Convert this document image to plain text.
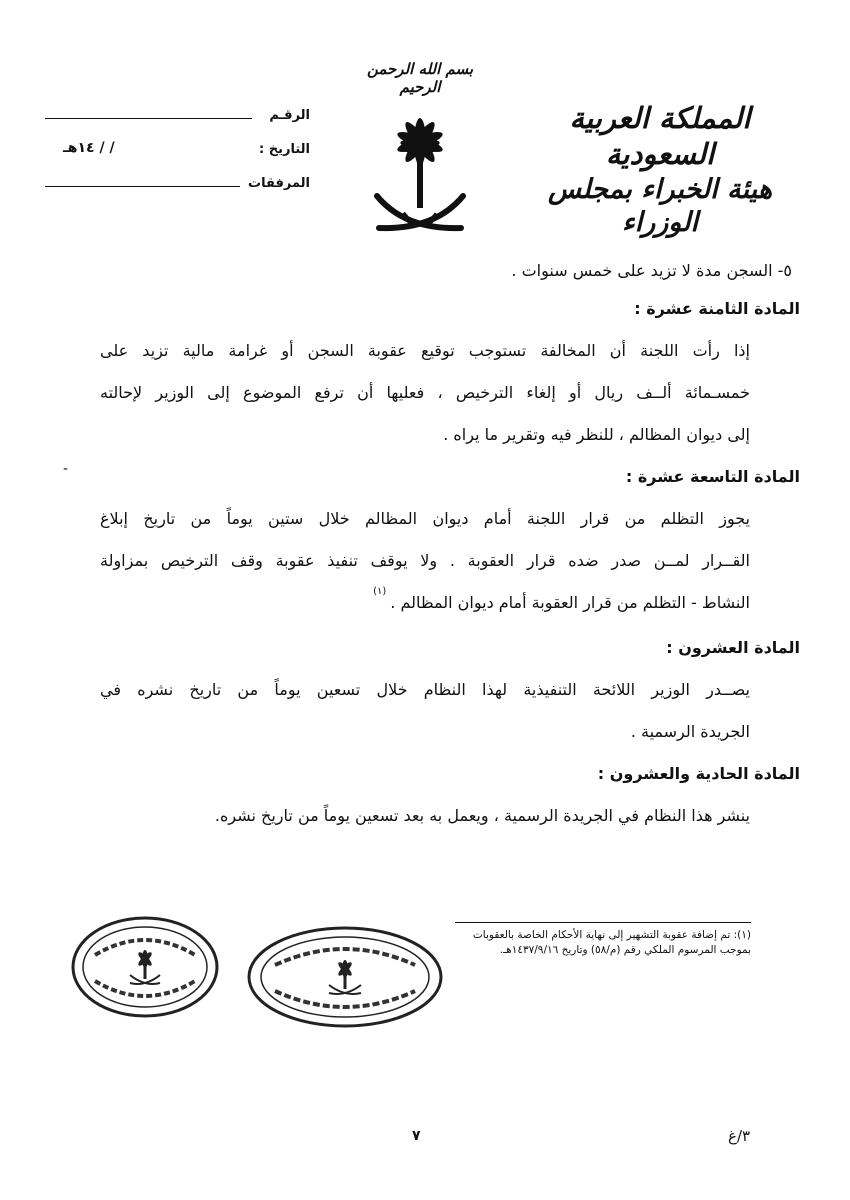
المملكة العربية السعودية
هيئة الخبراء بمجلس الوزراء
بسم الله الرحمن الرحيم
الرقـم
التاريخ :
/ / ١٤هـ
المرفقات
٥- السجن مدة لا تزيد على خمس سنوات .
المادة الثامنة عشرة :
إذا رأت اللجنة أن المخالفة تستوجب توقيع عقوبة السجن أو غرامة مالية تزيد على
خمسـمائة ألــف ريال أو إلغاء الترخيص ، فعليها أن ترفع الموضوع إلى الوزير لإحالته
إلى ديوان المظالم ، للنظر فيه وتقرير ما يراه .
المادة التاسعة عشرة :
يجوز التظلم من قرار اللجنة أمام ديوان المظالم خلال ستين يوماً من تاريخ إبلاغ
القــرار لمــن صدر ضده قرار العقوبة . ولا يوقف تنفيذ عقوبة وقف الترخيص بمزاولة
النشاط - التظلم من قرار العقوبة أمام ديوان المظالم .$^{(١)}$
المادة العشرون :
يصــدر الوزير اللائحة التنفيذية لهذا النظام خلال تسعين يوماً من تاريخ نشره في
الجريدة الرسمية .
المادة الحادية والعشرون :
ينشر هذا النظام في الجريدة الرسمية ، ويعمل به بعد تسعين يوماً من تاريخ نشره.
-
(١): تم إضافة عقوبة التشهير إلى نهاية الأحكام الخاصة بالعقوبات
بموجب المرسوم الملكي رقم (م/٥٨) وتاريخ ١٤٣٧/٩/١٦هـ.
٧	٣/غ
